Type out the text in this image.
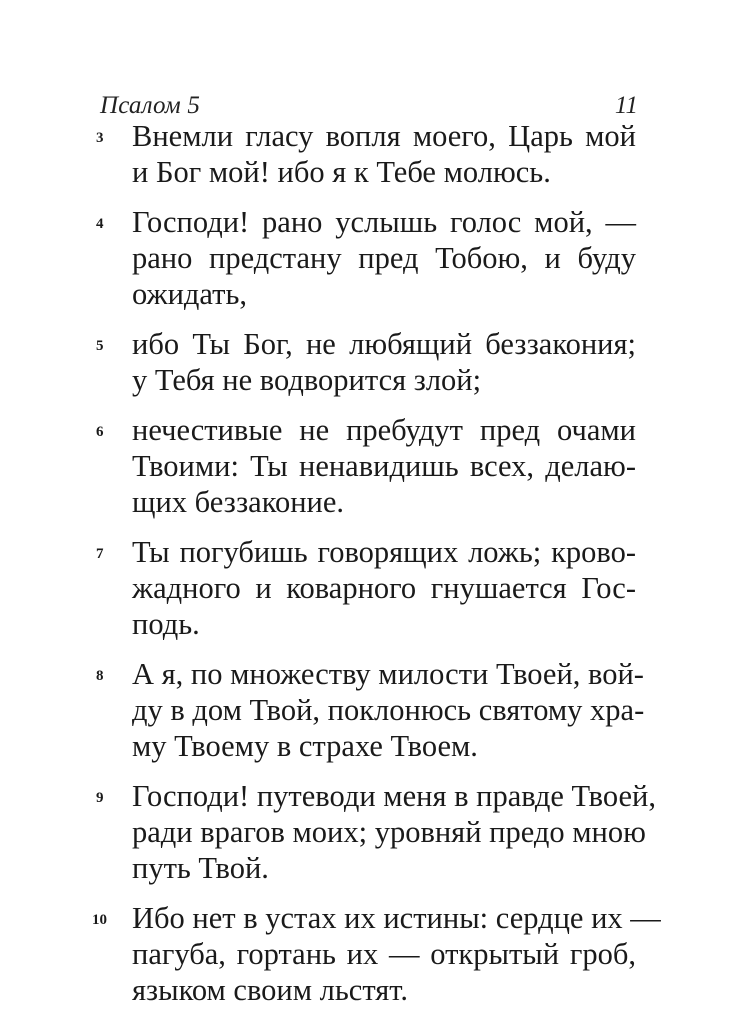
Псалом 5	11
3 Внемли гласу вопля моего, Царь мой
и Бог мой! ибо я к Тебе молюсь.
4 Господи! рано услышь голос мой, —
рано предстану пред Тобою, и буду
ожидать,
5 ибо Ты Бог, не любящий беззакония;
у Тебя не водворится злой;
6 нечестивые не пребудут пред очами
Твоими: Ты ненавидишь всех, делаю-
щих беззаконие.
7 Ты погубишь говорящих ложь; крово-
жадного и коварного гнушается Гос-
подь.
8 А я, по множеству милости Твоей, вой-
ду в дом Твой, поклонюсь святому хра-
му Твоему в страхе Твоем.
9 Господи! путеводи меня в правде Твоей,
ради врагов моих; уровняй предо мною
путь Твой.
10 Ибо нет в устах их истины: сердце их —
пагуба, гортань их — открытый гроб,
языком своим льстят.
